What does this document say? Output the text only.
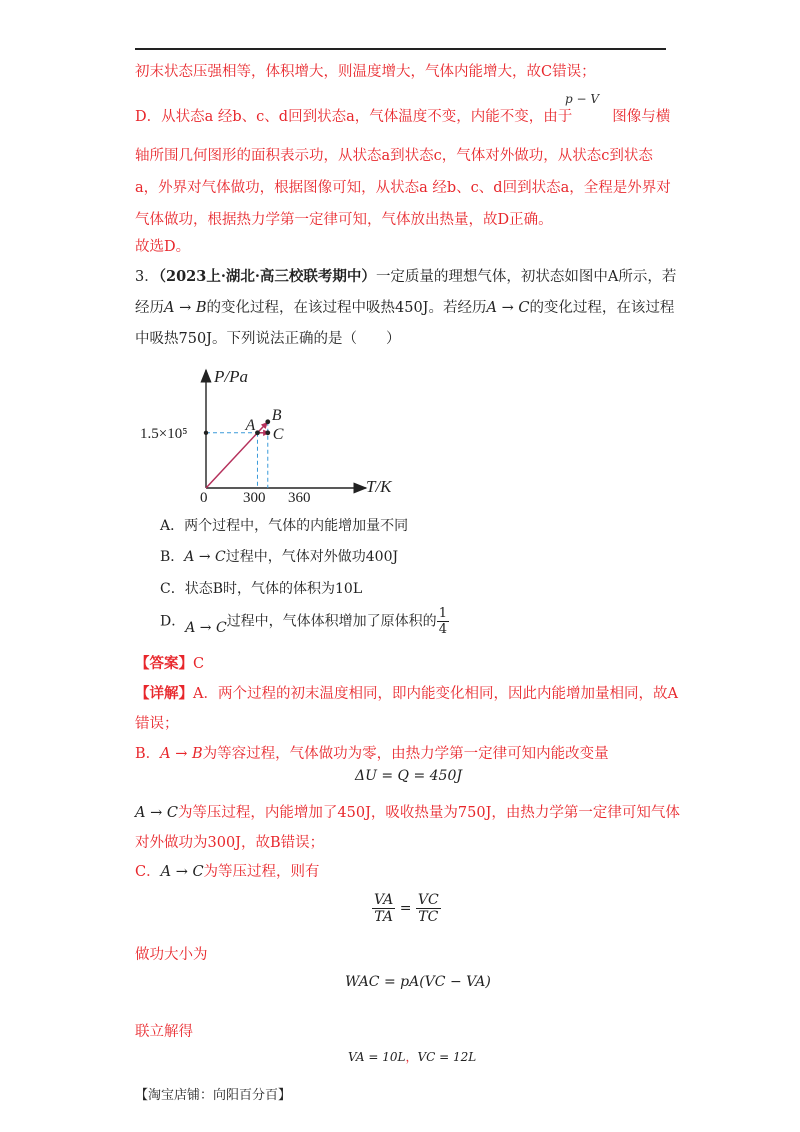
初末状态压强相等，体积增大，则温度增大，气体内能增大，故C错误；
p − V
D．从状态a 经b、c、d回到状态a，气体温度不变，内能不变，由于	图像与横
轴所围几何图形的面积表示功，从状态a到状态c，气体对外做功，从状态c到状态
a，外界对气体做功，根据图像可知，从状态a 经b、c、d回到状态a，全程是外界对
气体做功，根据热力学第一定律可知，气体放出热量，故D正确。
故选D。
3．（2023上·湖北·高三校联考期中）一定质量的理想气体，初状态如图中A所示，若
经历A → B的变化过程，在该过程中吸热450J。若经历A → C的变化过程，在该过程
中吸热750J。下列说法正确的是（　　）
P/Pa
T/K
0
1.5×10⁵
300 360
A
B
C
A．两个过程中，气体的内能增加量不同
B．A → C过程中，气体对外做功400J
C．状态B时，气体的体积为10L
D．A → C过程中，气体体积增加了原体积的 $\frac{1}{4}$
【答案】C
【详解】A．两个过程的初末温度相同，即内能变化相同，因此内能增加量相同，故A
错误；
B．A → B为等容过程，气体做功为零，由热力学第一定律可知内能改变量
ΔU = Q = 450J
A → C为等压过程，内能增加了450J，吸收热量为750J，由热力学第一定律可知气体
对外做功为300J，故B错误；
C．A → C为等压过程，则有
$\frac{VA}{TA} = \frac{VC}{TC}$
做功大小为
WAC = pA(VC − VA)
联立解得
VA = 10L，VC = 12L
【淘宝店铺：向阳百分百】
